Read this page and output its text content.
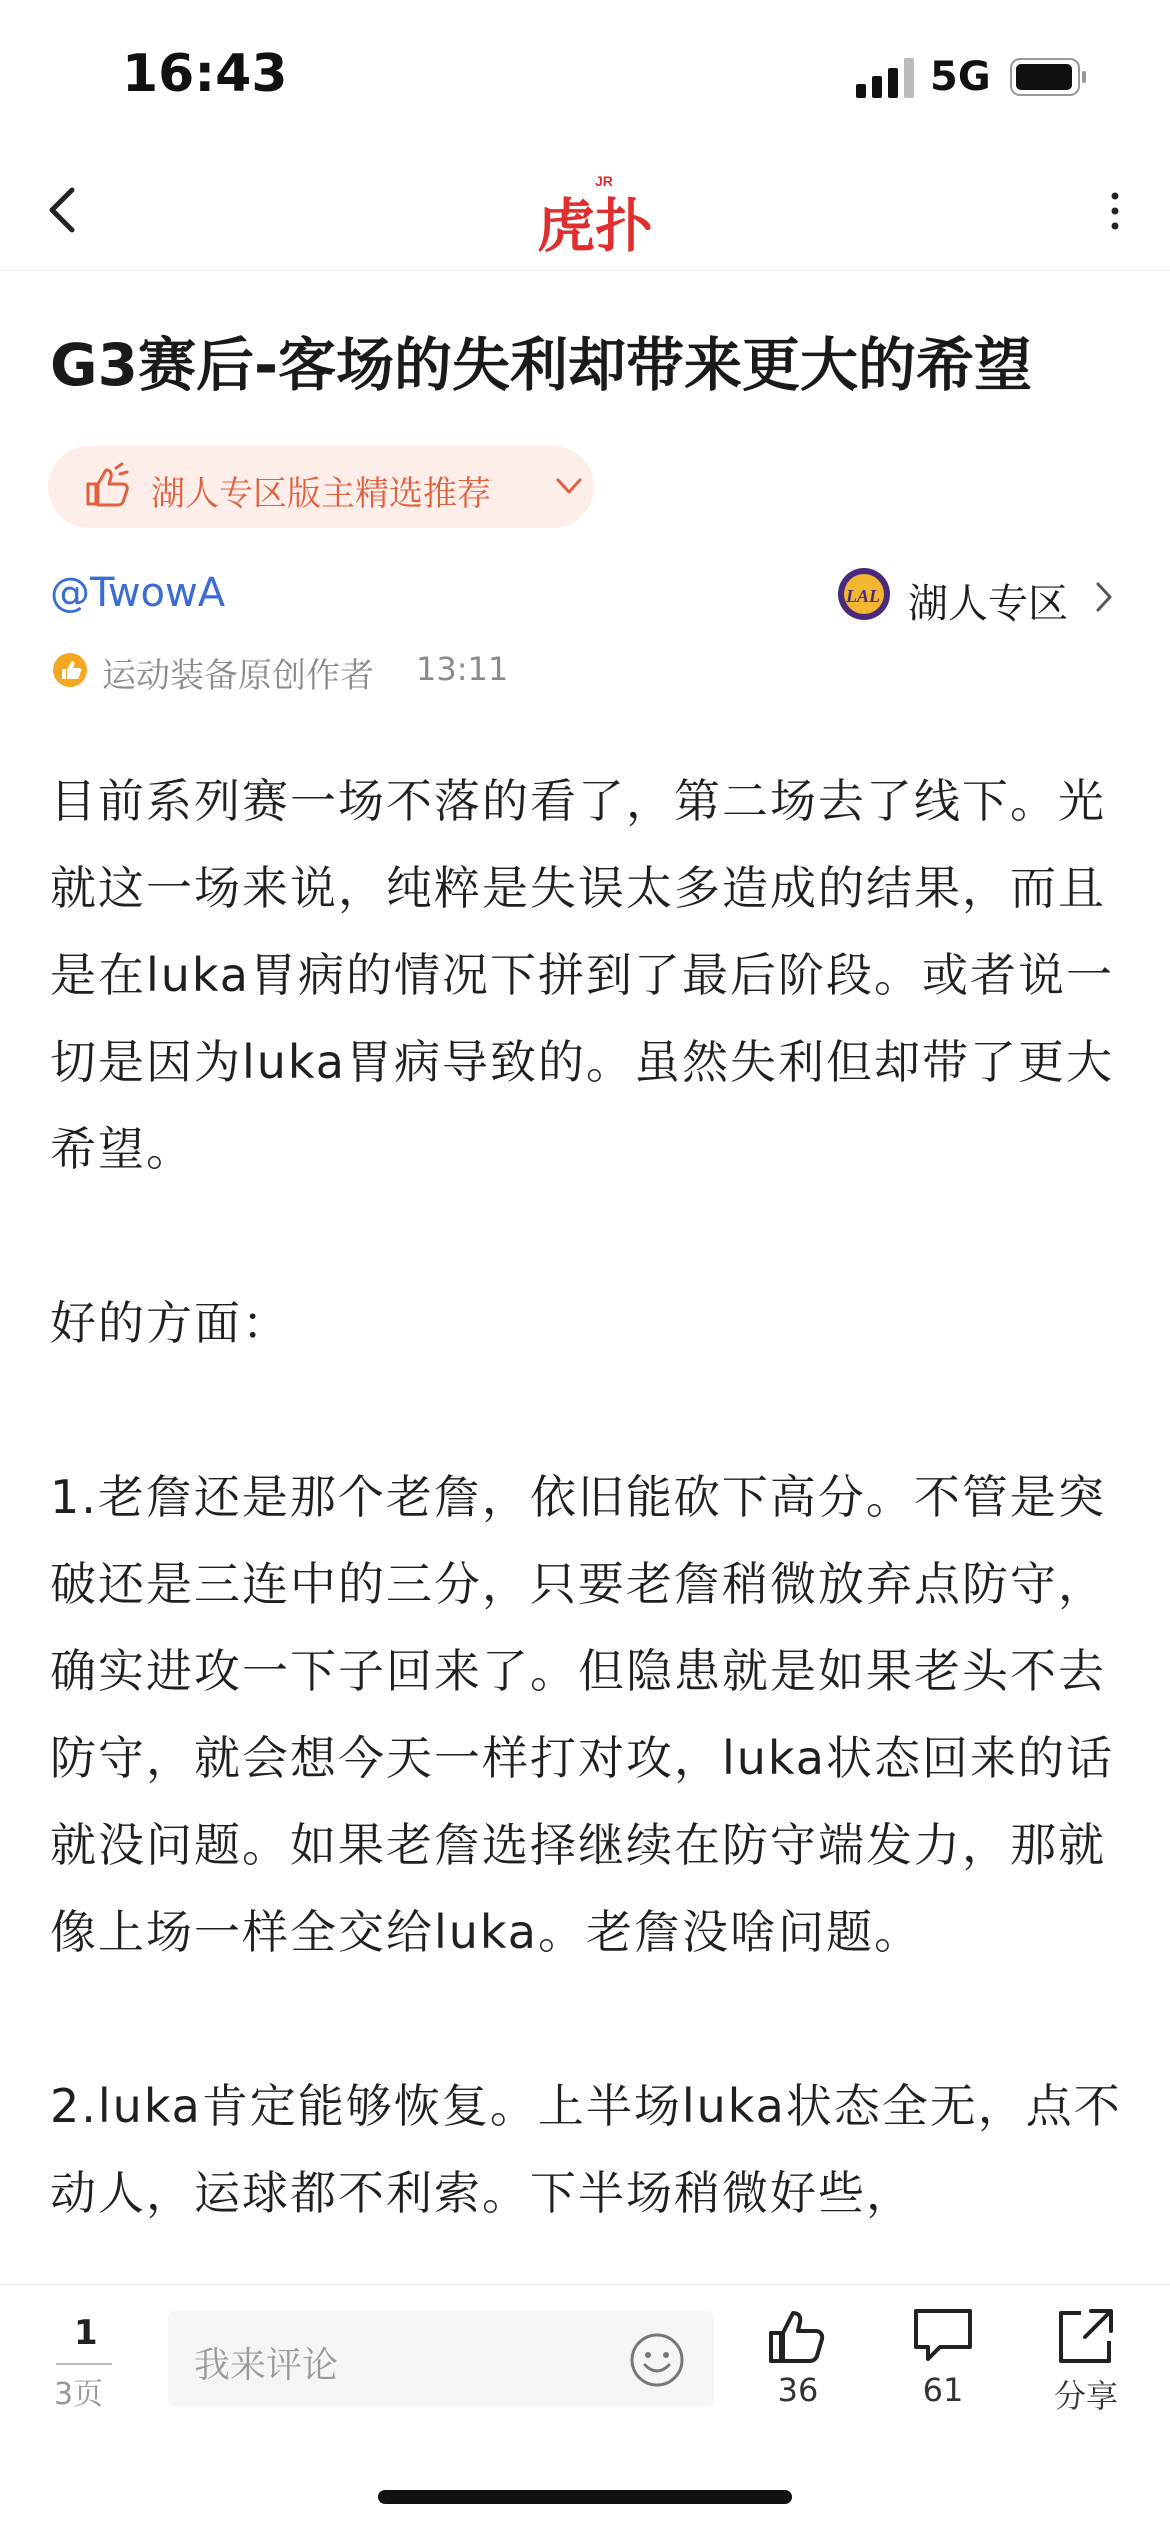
16:43	5G
JR
虎扑
G3赛后-客场的失利却带来更大的希望
湖人专区版主精选推荐
@TwowA	LAL 湖人专区
运动装备原创作者 13:11

目前系列赛一场不落的看了，第二场去了线下。光就这一场来说，纯粹是失误太多造成的结果，而且是在luka胃病的情况下拼到了最后阶段。或者说一切是因为luka胃病导致的。虽然失利但却带了更大希望。

好的方面：

1.老詹还是那个老詹，依旧能砍下高分。不管是突破还是三连中的三分，只要老詹稍微放弃点防守，确实进攻一下子回来了。但隐患就是如果老头不去防守，就会想今天一样打对攻，luka状态回来的话就没问题。如果老詹选择继续在防守端发力，那就像上场一样全交给luka。老詹没啥问题。

2.luka肯定能够恢复。上半场luka状态全无，点不动人，运球都不利索。下半场稍微好些，

1
3页
我来评论
36	61	分享
